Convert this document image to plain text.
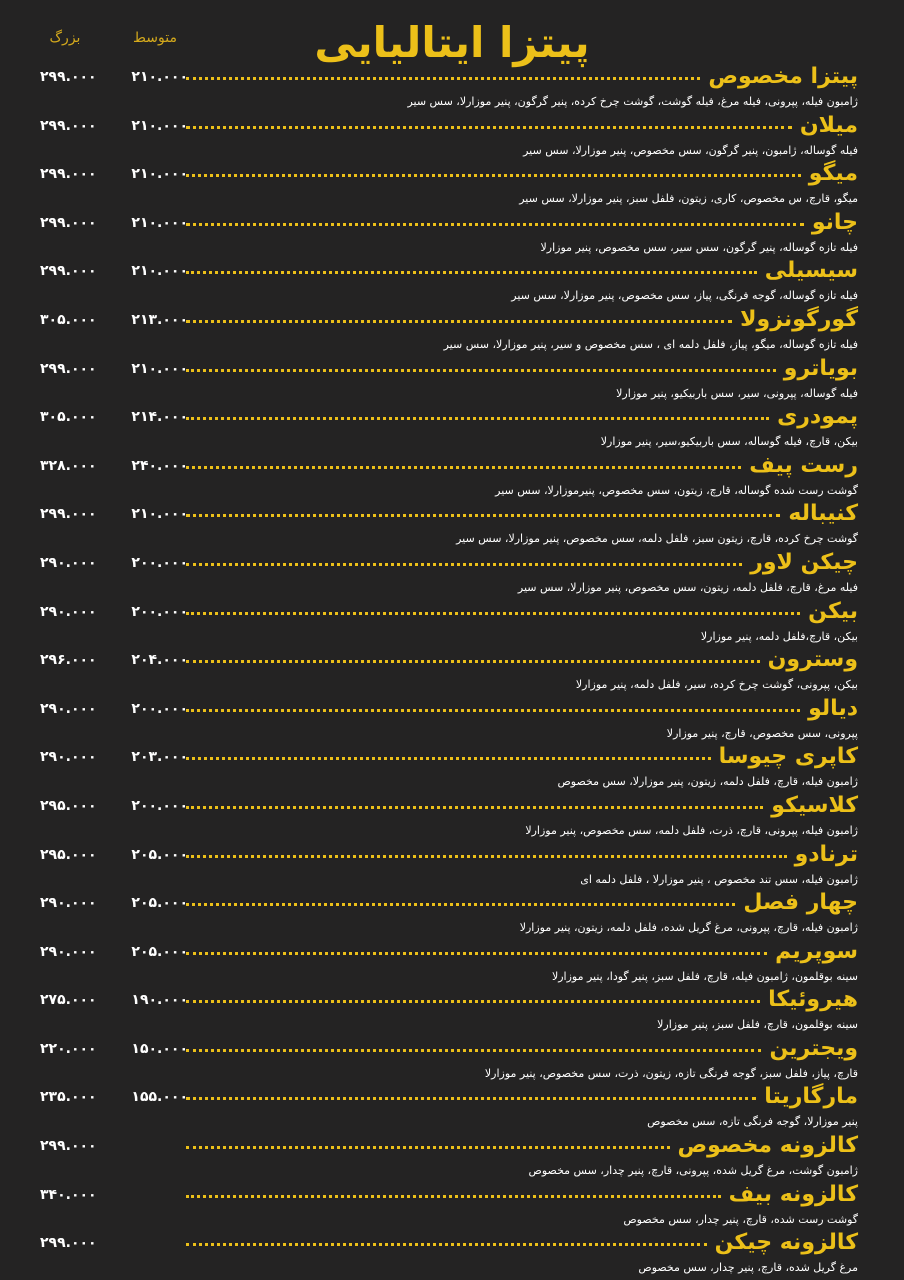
بزرگ	متوسط	پیتزا ایتالیایی
۲۹۹.۰۰۰ ۲۱۰.۰۰۰	پیتزا مخصوص
ژامبون فیله، پپرونی، فیله مرغ، فیله گوشت، گوشت چرخ کرده، پنیر گرگون، پنیر موزارلا، سس سیر
۲۹۹.۰۰۰ ۲۱۰.۰۰۰	میلان
فیله گوساله، ژامبون، پنیر گرگون، سس مخصوص، پنیر موزارلا، سس سیر
۲۹۹.۰۰۰ ۲۱۰.۰۰۰	میگو
میگو، قارچ، س مخصوص، کاری، زیتون، فلفل سبز، پنیر موزارلا، سس سیر
۲۹۹.۰۰۰ ۲۱۰.۰۰۰	چانو
فیله تازه گوساله، پنیر گرگون، سس سیر، سس مخصوص، پنیر موزارلا
۲۹۹.۰۰۰ ۲۱۰.۰۰۰	سیسیلی
فیله تازه گوساله، گوجه فرنگی، پیاز، سس مخصوص، پنیر موزارلا، سس سیر
۳۰۵.۰۰۰ ۲۱۳.۰۰۰	گورگونزولا
فیله تازه گوساله، میگو، پیاز، فلفل دلمه ای ، سس مخصوص و سیر، پنیر موزارلا، سس سیر
۲۹۹.۰۰۰ ۲۱۰.۰۰۰	بویاترو
فیله گوساله، پپرونی، سیر، سس باربیکیو، پنیر موزارلا
۳۰۵.۰۰۰ ۲۱۴.۰۰۰	پمودری
بیکن، قارچ، فیله گوساله، سس باربیکیو،سیر، پنیر موزارلا
۳۲۸.۰۰۰ ۲۴۰.۰۰۰	رست پیف
گوشت رست شده گوساله، قارچ، زیتون، سس مخصوص، پنیرموزارلا، سس سیر
۲۹۹.۰۰۰ ۲۱۰.۰۰۰	کنیباله
گوشت چرخ کرده، قارچ، زیتون سبز، فلفل دلمه، سس مخصوص، پنیر موزارلا، سس سیر
۲۹۰.۰۰۰ ۲۰۰.۰۰۰	چیکن لاور
فیله مرغ، قارچ، فلفل دلمه، زیتون، سس مخصوص، پنیر موزارلا، سس سیر
۲۹۰.۰۰۰ ۲۰۰.۰۰۰	بیکن
بیکن، قارچ،فلفل دلمه، پنیر موزارلا
۲۹۶.۰۰۰ ۲۰۴.۰۰۰	وسترون
بیکن، پپرونی، گوشت چرخ کرده، سیر، فلفل دلمه، پنیر موزارلا
۲۹۰.۰۰۰ ۲۰۰.۰۰۰	دیالو
پپرونی، سس مخصوص، قارچ، پنیر موزارلا
۲۹۰.۰۰۰ ۲۰۳.۰۰۰	کاپری چیوسا
ژامبون فیله، قارچ، فلفل دلمه، زیتون، پنیر موزارلا، سس مخصوص
۲۹۵.۰۰۰ ۲۰۰.۰۰۰	کلاسیکو
ژامبون فیله، پپرونی، قارچ، ذرت، فلفل دلمه، سس مخصوص، پنیر موزارلا
۲۹۵.۰۰۰ ۲۰۵.۰۰۰	ترنادو
ژامبون فیله، سس تند مخصوص ، پنیر موزارلا ، فلفل دلمه ای
۲۹۰.۰۰۰ ۲۰۵.۰۰۰	چهار فصل
ژامبون فیله، قارچ، پپرونی، مرغ گریل شده، فلفل دلمه، زیتون، پنیر موزارلا
۲۹۰.۰۰۰ ۲۰۵.۰۰۰	سوپریم
سینه بوقلمون، ژامبون فیله، قارچ، فلفل سبز، پنیر گودا، پنیر موزارلا
۲۷۵.۰۰۰ ۱۹۰.۰۰۰	هیروئیکا
سینه بوقلمون، قارچ، فلفل سبز، پنیر موزارلا
۲۲۰.۰۰۰ ۱۵۰.۰۰۰	ویجترین
قارچ، پیاز، فلفل سبز، گوجه فرنگی تازه، زیتون، ذرت، سس مخصوص، پنیر موزارلا
۲۳۵.۰۰۰ ۱۵۵.۰۰۰	مارگاریتا
پنیر موزارلا، گوجه فرنگی تازه، سس مخصوص
۲۹۹.۰۰۰	کالزونه مخصوص
ژامبون گوشت، مرغ گریل شده، پپرونی، قارچ، پنیر چدار، سس مخصوص
۳۴۰.۰۰۰	کالزونه بیف
گوشت رست شده، قارچ، پنیر چدار، سس مخصوص
۲۹۹.۰۰۰	کالزونه چیکن
مرغ گریل شده، قارچ، پنیر چدار، سس مخصوص
